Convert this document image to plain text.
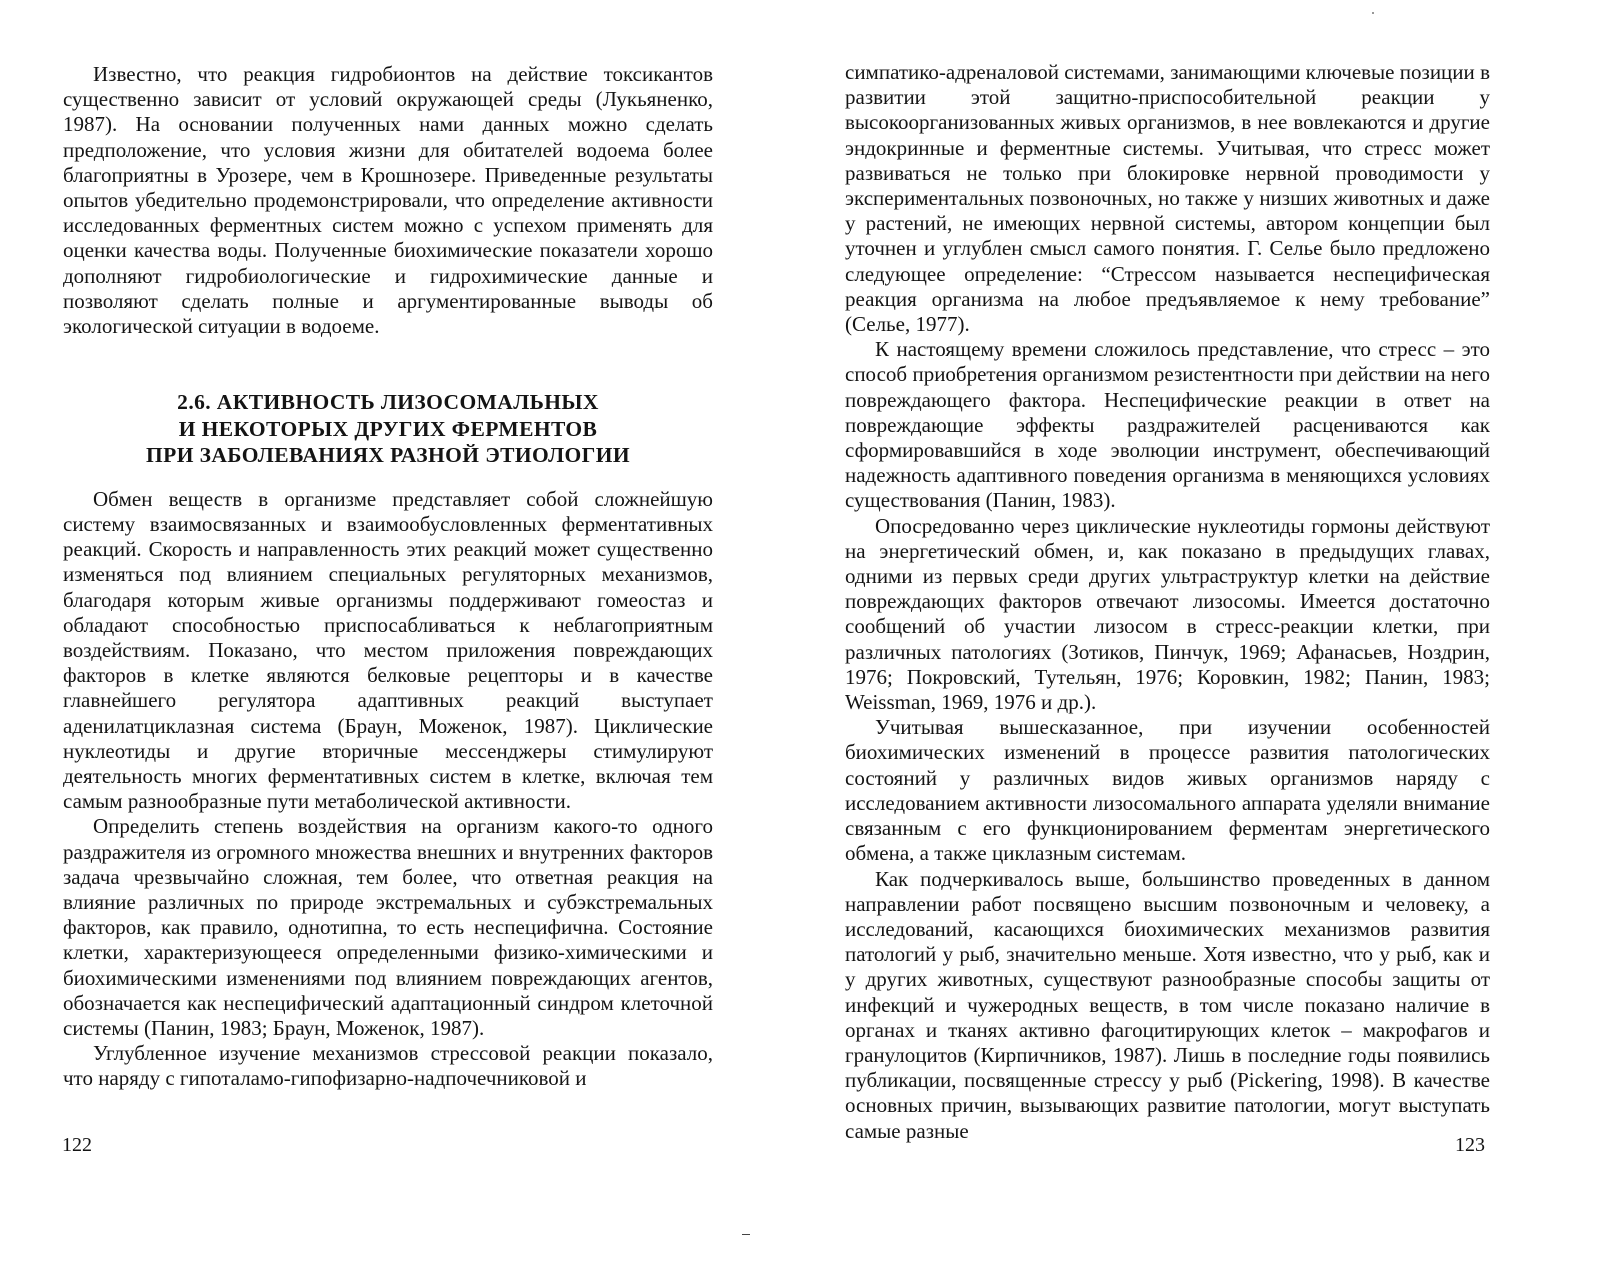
Известно, что реакция гидробионтов на действие токсикантов существенно зависит от условий окружающей среды (Лукьяненко, 1987). На основании полученных нами данных можно сделать предположение, что условия жизни для обитателей водоема более благоприятны в Урозере, чем в Крошнозере. Приведенные результаты опытов убедительно продемонстрировали, что определение активности исследованных ферментных систем можно с успехом применять для оценки качества воды. Полученные биохимические показатели хорошо дополняют гидробиологические и гидрохимические данные и позволяют сделать полные и аргументированные выводы об экологической ситуации в водоеме.

2.6. АКТИВНОСТЬ ЛИЗОСОМАЛЬНЫХ
И НЕКОТОРЫХ ДРУГИХ ФЕРМЕНТОВ
ПРИ ЗАБОЛЕВАНИЯХ РАЗНОЙ ЭТИОЛОГИИ

Обмен веществ в организме представляет собой сложнейшую систему взаимосвязанных и взаимообусловленных ферментативных реакций. Скорость и направленность этих реакций может существенно изменяться под влиянием специальных регуляторных механизмов, благодаря которым живые организмы поддерживают гомеостаз и обладают способностью приспосабливаться к неблагоприятным воздействиям. Показано, что местом приложения повреждающих факторов в клетке являются белковые рецепторы и в качестве главнейшего регулятора адаптивных реакций выступает аденилатциклазная система (Браун, Моженок, 1987). Циклические нуклеотиды и другие вторичные мессенджеры стимулируют деятельность многих ферментативных систем в клетке, включая тем самым разнообразные пути метаболической активности.

Определить степень воздействия на организм какого-то одного раздражителя из огромного множества внешних и внутренних факторов задача чрезвычайно сложная, тем более, что ответная реакция на влияние различных по природе экстремальных и субэкстремальных факторов, как правило, однотипна, то есть неспецифична. Состояние клетки, характеризующееся определенными физико-химическими и биохимическими изменениями под влиянием повреждающих агентов, обозначается как неспецифический адаптационный синдром клеточной системы (Панин, 1983; Браун, Моженок, 1987).

Углубленное изучение механизмов стрессовой реакции показало, что наряду с гипоталамо-гипофизарно-надпочечниковой и

122

симпатико-адреналовой системами, занимающими ключевые позиции в развитии этой защитно-приспособительной реакции у высокоорганизованных живых организмов, в нее вовлекаются и другие эндокринные и ферментные системы. Учитывая, что стресс может развиваться не только при блокировке нервной проводимости у экспериментальных позвоночных, но также у низших животных и даже у растений, не имеющих нервной системы, автором концепции был уточнен и углублен смысл самого понятия. Г. Селье было предложено следующее определение: “Стрессом называется неспецифическая реакция организма на любое предъявляемое к нему требование” (Селье, 1977).

К настоящему времени сложилось представление, что стресс – это способ приобретения организмом резистентности при действии на него повреждающего фактора. Неспецифические реакции в ответ на повреждающие эффекты раздражителей расцениваются как сформировавшийся в ходе эволюции инструмент, обеспечивающий надежность адаптивного поведения организма в меняющихся условиях существования (Панин, 1983).

Опосредованно через циклические нуклеотиды гормоны действуют на энергетический обмен, и, как показано в предыдущих главах, одними из первых среди других ультраструктур клетки на действие повреждающих факторов отвечают лизосомы. Имеется достаточно сообщений об участии лизосом в стресс-реакции клетки, при различных патологиях (Зотиков, Пинчук, 1969; Афанасьев, Ноздрин, 1976; Покровский, Тутельян, 1976; Коровкин, 1982; Панин, 1983; Weissman, 1969, 1976 и др.).

Учитывая вышесказанное, при изучении особенностей биохимических изменений в процессе развития патологических состояний у различных видов живых организмов наряду с исследованием активности лизосомального аппарата уделяли внимание связанным с его функционированием ферментам энергетического обмена, а также циклазным системам.

Как подчеркивалось выше, большинство проведенных в данном направлении работ посвящено высшим позвоночным и человеку, а исследований, касающихся биохимических механизмов развития патологий у рыб, значительно меньше. Хотя известно, что у рыб, как и у других животных, существуют разнообразные способы защиты от инфекций и чужеродных веществ, в том числе показано наличие в органах и тканях активно фагоцитирующих клеток – макрофагов и гранулоцитов (Кирпичников, 1987). Лишь в последние годы появились публикации, посвященные стрессу у рыб (Pickering, 1998). В качестве основных причин, вызывающих развитие патологии, могут выступать самые разные

123
